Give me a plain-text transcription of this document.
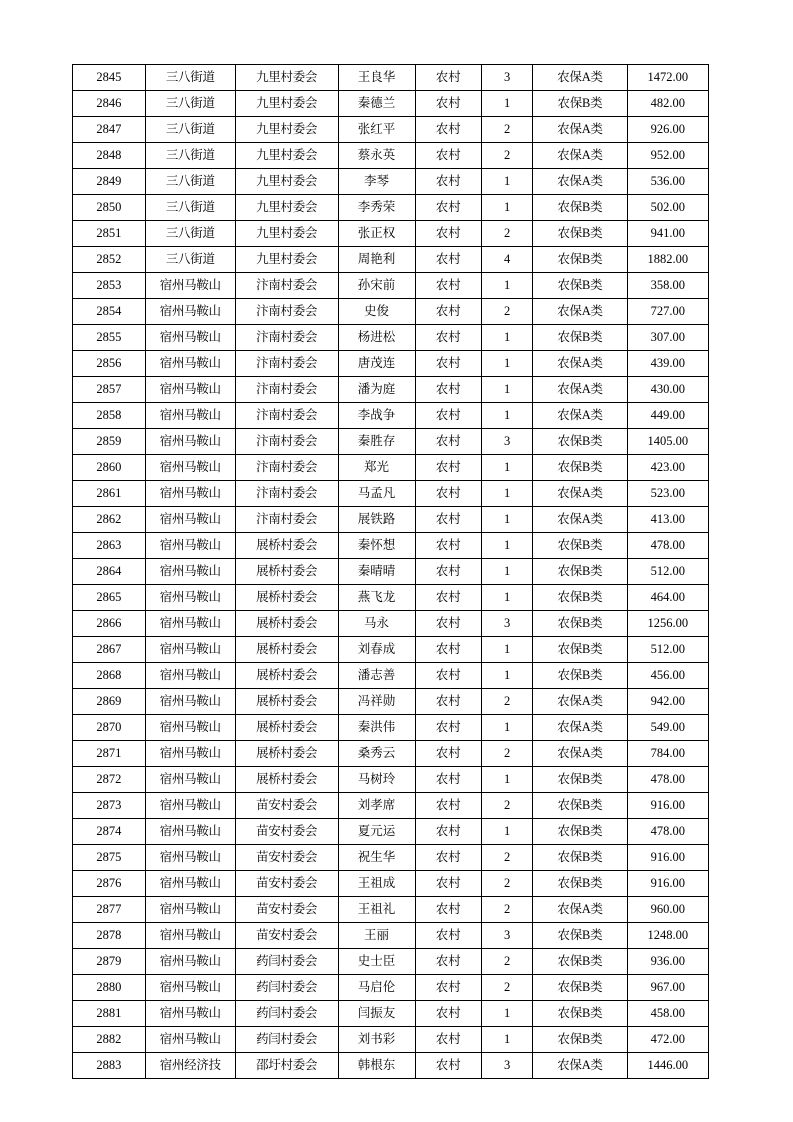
2845	三八街道	九里村委会	王良华	农村	3	农保A类	1472.00
2846	三八街道	九里村委会	秦德兰	农村	1	农保B类	482.00
2847	三八街道	九里村委会	张红平	农村	2	农保A类	926.00
2848	三八街道	九里村委会	蔡永英	农村	2	农保A类	952.00
2849	三八街道	九里村委会	李琴	农村	1	农保A类	536.00
2850	三八街道	九里村委会	李秀荣	农村	1	农保B类	502.00
2851	三八街道	九里村委会	张正权	农村	2	农保B类	941.00
2852	三八街道	九里村委会	周艳利	农村	4	农保B类	1882.00
2853	宿州马鞍山	汴南村委会	孙宋前	农村	1	农保B类	358.00
2854	宿州马鞍山	汴南村委会	史俊	农村	2	农保A类	727.00
2855	宿州马鞍山	汴南村委会	杨进松	农村	1	农保B类	307.00
2856	宿州马鞍山	汴南村委会	唐茂连	农村	1	农保A类	439.00
2857	宿州马鞍山	汴南村委会	潘为庭	农村	1	农保A类	430.00
2858	宿州马鞍山	汴南村委会	李战争	农村	1	农保A类	449.00
2859	宿州马鞍山	汴南村委会	秦胜存	农村	3	农保B类	1405.00
2860	宿州马鞍山	汴南村委会	郑光	农村	1	农保B类	423.00
2861	宿州马鞍山	汴南村委会	马孟凡	农村	1	农保A类	523.00
2862	宿州马鞍山	汴南村委会	展铁路	农村	1	农保A类	413.00
2863	宿州马鞍山	展桥村委会	秦怀想	农村	1	农保B类	478.00
2864	宿州马鞍山	展桥村委会	秦晴晴	农村	1	农保B类	512.00
2865	宿州马鞍山	展桥村委会	燕飞龙	农村	1	农保B类	464.00
2866	宿州马鞍山	展桥村委会	马永	农村	3	农保B类	1256.00
2867	宿州马鞍山	展桥村委会	刘春成	农村	1	农保B类	512.00
2868	宿州马鞍山	展桥村委会	潘志善	农村	1	农保B类	456.00
2869	宿州马鞍山	展桥村委会	冯祥勋	农村	2	农保A类	942.00
2870	宿州马鞍山	展桥村委会	秦洪伟	农村	1	农保A类	549.00
2871	宿州马鞍山	展桥村委会	桑秀云	农村	2	农保A类	784.00
2872	宿州马鞍山	展桥村委会	马树玲	农村	1	农保B类	478.00
2873	宿州马鞍山	苗安村委会	刘孝席	农村	2	农保B类	916.00
2874	宿州马鞍山	苗安村委会	夏元运	农村	1	农保B类	478.00
2875	宿州马鞍山	苗安村委会	祝生华	农村	2	农保B类	916.00
2876	宿州马鞍山	苗安村委会	王祖成	农村	2	农保B类	916.00
2877	宿州马鞍山	苗安村委会	王祖礼	农村	2	农保A类	960.00
2878	宿州马鞍山	苗安村委会	王丽	农村	3	农保B类	1248.00
2879	宿州马鞍山	药闫村委会	史士臣	农村	2	农保B类	936.00
2880	宿州马鞍山	药闫村委会	马启伦	农村	2	农保B类	967.00
2881	宿州马鞍山	药闫村委会	闫振友	农村	1	农保B类	458.00
2882	宿州马鞍山	药闫村委会	刘书彩	农村	1	农保B类	472.00
2883	宿州经济技	邵圩村委会	韩根东	农村	3	农保A类	1446.00
